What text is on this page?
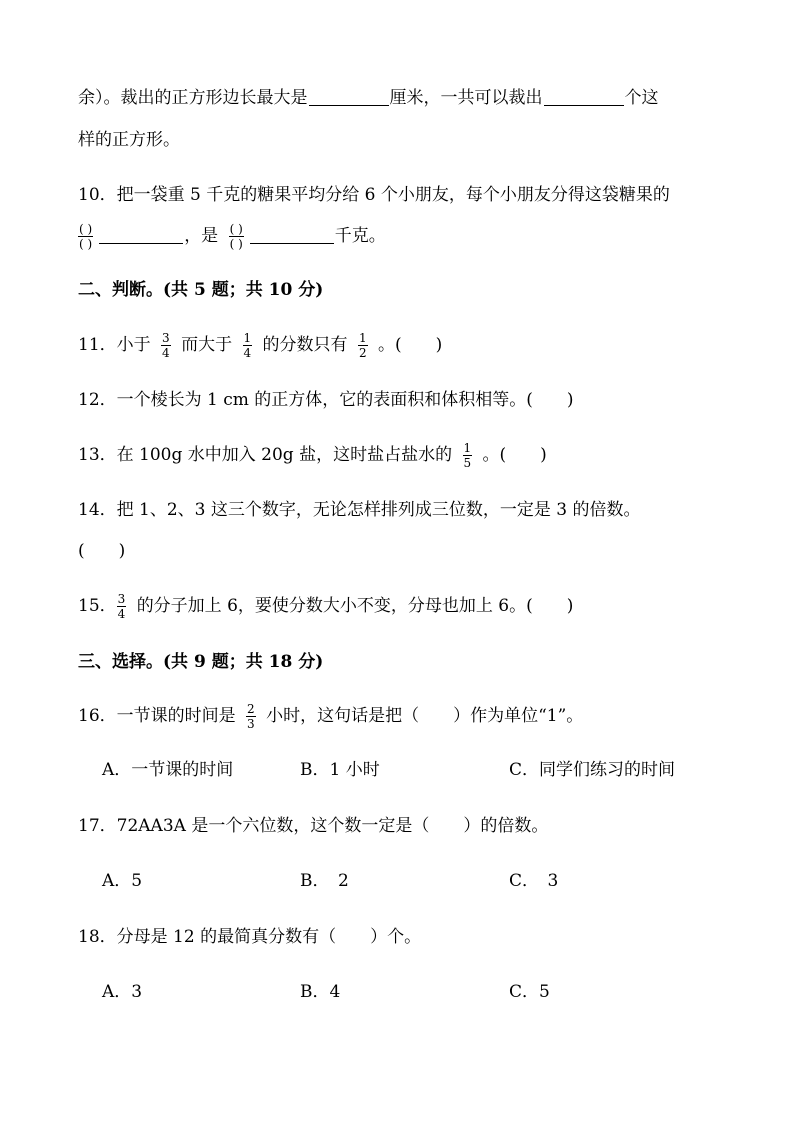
余）。裁出的正方形边长最大是	厘米，一共可以裁出	个这
样的正方形。
10．把一袋重 5 千克的糖果平均分给 6 个小朋友，每个小朋友分得这袋糖果的
$\frac{( )}{( )}$	，是 $\frac{( )}{( )}$	千克。
二、判断。(共 5 题；共 10 分)
11．小于 $\frac{3}{4}$ 而大于 $\frac{1}{4}$ 的分数只有 $\frac{1}{2}$ 。(　　)
12．一个棱长为 1 cm 的正方体，它的表面积和体积相等。(　　)
13．在 100g 水中加入 20g 盐，这时盐占盐水的 $\frac{1}{5}$ 。(　　)
14．把 1、2、3 这三个数字，无论怎样排列成三位数，一定是 3 的倍数。
(　　)
15． $\frac{3}{4}$ 的分子加上 6，要使分数大小不变，分母也加上 6。(　　)
三、选择。(共 9 题；共 18 分)
16．一节课的时间是 $\frac{2}{3}$ 小时，这句话是把（　　）作为单位“1”。
A．一节课的时间	B．1 小时	C．同学们练习的时间
17．72AA3A 是一个六位数，这个数一定是（　　）的倍数。
A．5	B．　2	C．　3
18．分母是 12 的最简真分数有（　　）个。
A．3	B．4	C．5
